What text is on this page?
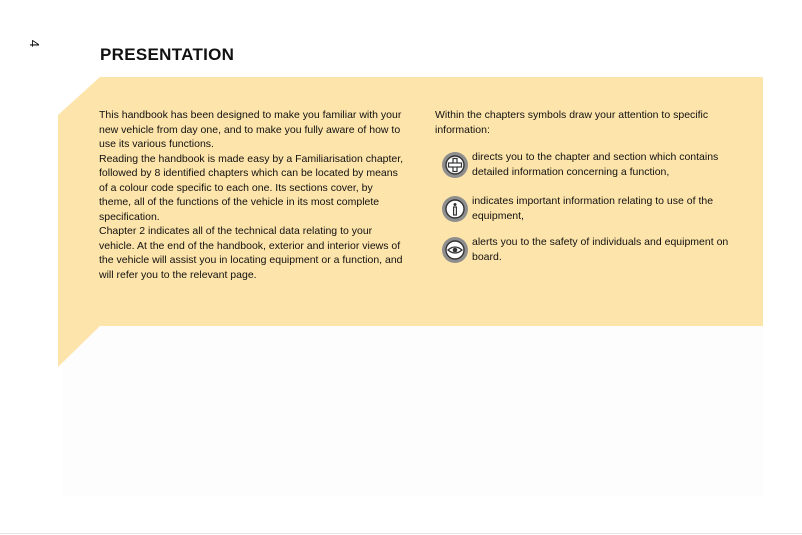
4
PRESENTATION

This handbook has been designed to make you familiar with your new vehicle from day one, and to make you fully aware of how to use its various functions.

Reading the handbook is made easy by a Familiarisation chapter, followed by 8 identified chapters which can be located by means of a colour code specific to each one. Its sections cover, by theme, all of the functions of the vehicle in its most complete specification.

Chapter 2 indicates all of the technical data relating to your vehicle. At the end of the handbook, exterior and interior views of the vehicle will assist you in locating equipment or a function, and will refer you to the relevant page.

Within the chapters symbols draw your attention to specific information:

directs you to the chapter and section which contains detailed information concerning a function,
indicates important information relating to use of the equipment,
alerts you to the safety of individuals and equipment on board.
